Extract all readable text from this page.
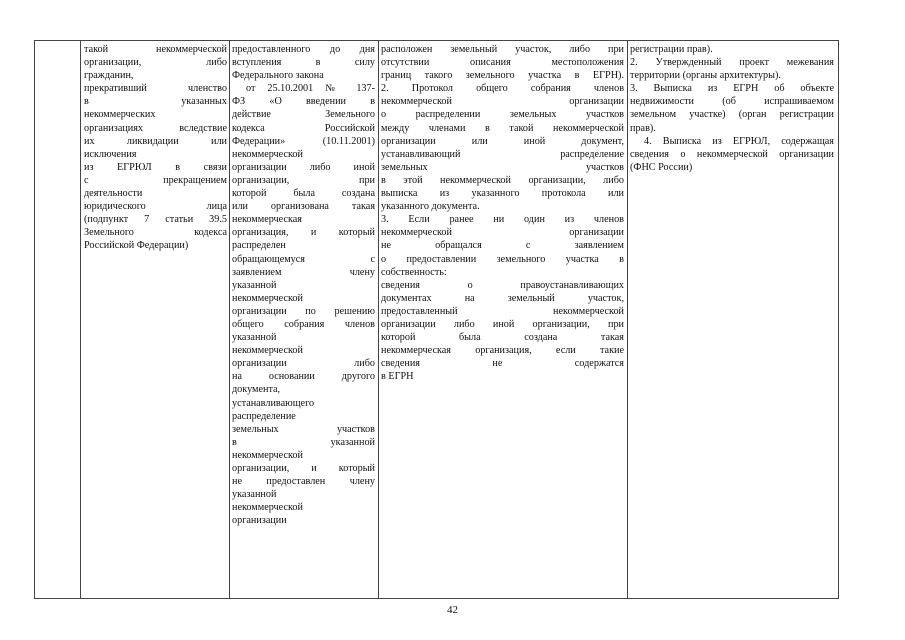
такой некоммерческой
организации, либо
гражданин,
прекративший членство
в указанных
некоммерческих
организациях вследствие
их ликвидации или
исключения
из ЕГРЮЛ в связи
с прекращением
деятельности
юридического лица
(подпункт 7 статьи 39.5
Земельного кодекса
Российской Федерации)
предоставленного до дня
вступления в силу
Федерального закона
от 25.10.2001 № 137-
ФЗ «О введении в
действие Земельного
кодекса Российской
Федерации» (10.11.2001)
некоммерческой
организации либо иной
организации, при
которой была создана
или организована такая
некоммерческая
организация, и который
распределен
обращающемуся с
заявлением члену
указанной
некоммерческой
организации по решению
общего собрания членов
указанной
некоммерческой
организации либо
на основании другого
документа,
устанавливающего
распределение
земельных участков
в указанной
некоммерческой
организации, и который
не предоставлен члену
указанной
некоммерческой
организации
расположен земельный участок, либо при
отсутствии описания местоположения
границ такого земельного участка в ЕГРН).
2. Протокол общего собрания членов
некоммерческой организации
о распределении земельных участков
между членами в такой некоммерческой
организации или иной документ,
устанавливающий распределение
земельных участков
в этой некоммерческой организации, либо
выписка из указанного протокола или
указанного документа.
3. Если ранее ни один из членов
некоммерческой организации
не обращался с заявлением
о предоставлении земельного участка в
собственность:
сведения о правоустанавливающих
документах на земельный участок,
предоставленный некоммерческой
организации либо иной организации, при
которой была создана такая
некоммерческая организация, если такие
сведения не содержатся
в ЕГРН
регистрации прав).
2. Утвержденный проект межевания
территории (органы архитектуры).
3. Выписка из ЕГРН об объекте
недвижимости (об испрашиваемом
земельном участке) (орган регистрации
прав).
4. Выписка из ЕГРЮЛ, содержащая
сведения о некоммерческой организации
(ФНС России)
42
